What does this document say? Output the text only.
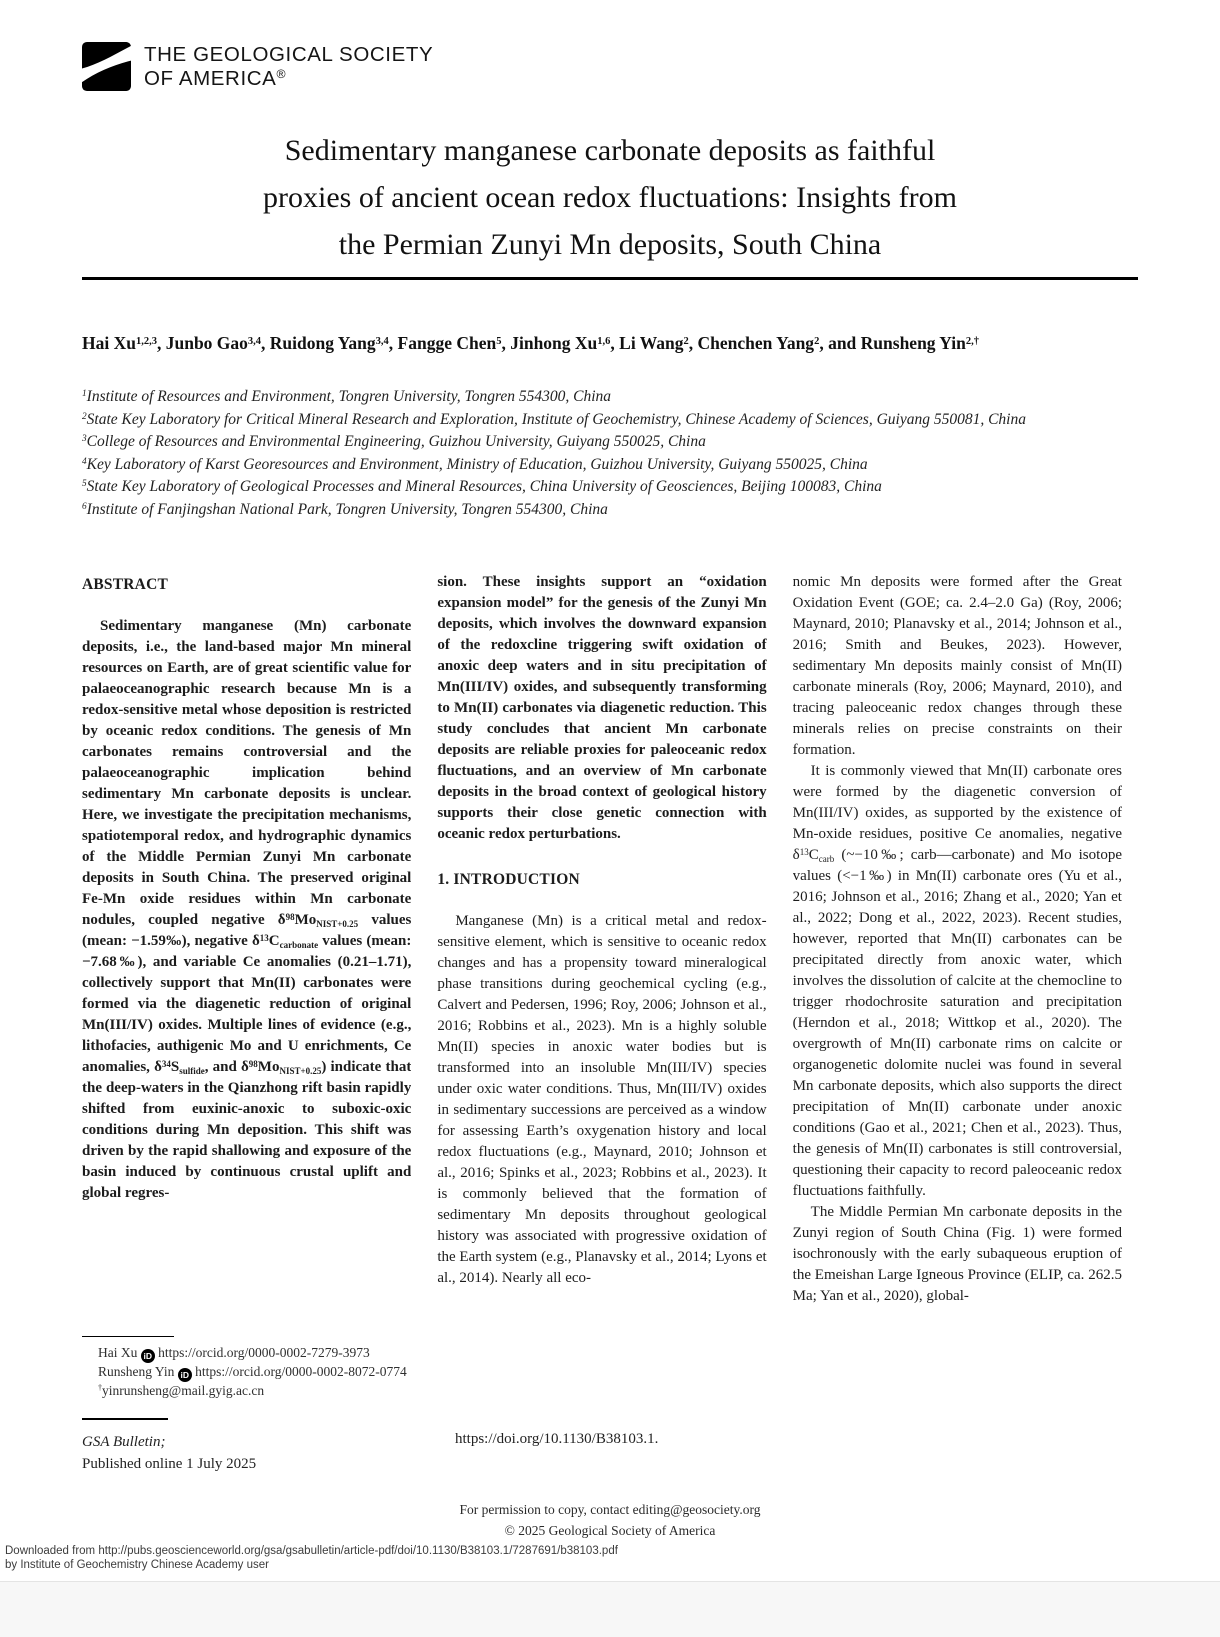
THE GEOLOGICAL SOCIETY
OF AMERICA®
Sedimentary manganese carbonate deposits as faithful
proxies of ancient ocean redox fluctuations: Insights from
the Permian Zunyi Mn deposits, South China

Hai Xu$^{1,2,3}$, Junbo Gao$^{3,4}$, Ruidong Yang$^{3,4}$, Fangge Chen$^5$, Jinhong Xu$^{1,6}$, Li Wang$^2$, Chenchen Yang$^2$, and Runsheng Yin$^{2,\dagger}$

$^1$Institute of Resources and Environment, Tongren University, Tongren 554300, China
$^2$State Key Laboratory for Critical Mineral Research and Exploration, Institute of Geochemistry, Chinese Academy of Sciences, Guiyang 550081, China
$^3$College of Resources and Environmental Engineering, Guizhou University, Guiyang 550025, China
$^4$Key Laboratory of Karst Georesources and Environment, Ministry of Education, Guizhou University, Guiyang 550025, China
$^5$State Key Laboratory of Geological Processes and Mineral Resources, China University of Geosciences, Beijing 100083, China
$^6$Institute of Fanjingshan National Park, Tongren University, Tongren 554300, China
ABSTRACT

Sedimentary manganese (Mn) carbonate deposits, i.e., the land-based major Mn mineral resources on Earth, are of great scientific value for palaeoceanographic research because Mn is a redox-sensitive metal whose deposition is restricted by oceanic redox conditions. The genesis of Mn carbonates remains controversial and the palaeoceanographic implication behind sedimentary Mn carbonate deposits is unclear. Here, we investigate the precipitation mechanisms, spatiotemporal redox, and hydrographic dynamics of the Middle Permian Zunyi Mn carbonate deposits in South China. The preserved original Fe-Mn oxide residues within Mn carbonate nodules, coupled negative $\delta^{98}Mo_{NIST+0.25}$ values (mean: −1.59‰), negative $\delta^{13}C_{carbonate}$ values (mean: −7.68‰), and variable Ce anomalies (0.21–1.71), collectively support that Mn(II) carbonates were formed via the diagenetic reduction of original Mn(III/IV) oxides. Multiple lines of evidence (e.g., lithofacies, authigenic Mo and U enrichments, Ce anomalies, $\delta^{34}S_{sulfide}$, and $\delta^{98}Mo_{NIST+0.25}$) indicate that the deep-waters in the Qianzhong rift basin rapidly shifted from euxinic-anoxic to suboxic-oxic conditions during Mn deposition. This shift was driven by the rapid shallowing and exposure of the basin induced by continuous crustal uplift and global regres-

Hai Xu iD https://orcid.org/0000-0002-7279-3973
Runsheng Yin iD https://orcid.org/0000-0002-8072-0774
†yinrunsheng@mail.gyig.ac.cn

sion. These insights support an “oxidation expansion model” for the genesis of the Zunyi Mn deposits, which involves the downward expansion of the redoxcline triggering swift oxidation of anoxic deep waters and in situ precipitation of Mn(III/IV) oxides, and subsequently transforming to Mn(II) carbonates via diagenetic reduction. This study concludes that ancient Mn carbonate deposits are reliable proxies for paleoceanic redox fluctuations, and an overview of Mn carbonate deposits in the broad context of geological history supports their close genetic connection with oceanic redox perturbations.

1. INTRODUCTION

Manganese (Mn) is a critical metal and redox-sensitive element, which is sensitive to oceanic redox changes and has a propensity toward mineralogical phase transitions during geochemical cycling (e.g., Calvert and Pedersen, 1996; Roy, 2006; Johnson et al., 2016; Robbins et al., 2023). Mn is a highly soluble Mn(II) species in anoxic water bodies but is transformed into an insoluble Mn(III/IV) species under oxic water conditions. Thus, Mn(III/IV) oxides in sedimentary successions are perceived as a window for assessing Earth’s oxygenation history and local redox fluctuations (e.g., Maynard, 2010; Johnson et al., 2016; Spinks et al., 2023; Robbins et al., 2023). It is commonly believed that the formation of sedimentary Mn deposits throughout geological history was associated with progressive oxidation of the Earth system (e.g., Planavsky et al., 2014; Lyons et al., 2014). Nearly all eco-

nomic Mn deposits were formed after the Great Oxidation Event (GOE; ca. 2.4–2.0 Ga) (Roy, 2006; Maynard, 2010; Planavsky et al., 2014; Johnson et al., 2016; Smith and Beukes, 2023). However, sedimentary Mn deposits mainly consist of Mn(II) carbonate minerals (Roy, 2006; Maynard, 2010), and tracing paleoceanic redox changes through these minerals relies on precise constraints on their formation.

It is commonly viewed that Mn(II) carbonate ores were formed by the diagenetic conversion of Mn(III/IV) oxides, as supported by the existence of Mn-oxide residues, positive Ce anomalies, negative $\delta^{13}C_{carb}$ (~−10‰; carb—carbonate) and Mo isotope values (<−1‰) in Mn(II) carbonate ores (Yu et al., 2016; Johnson et al., 2016; Zhang et al., 2020; Yan et al., 2022; Dong et al., 2022, 2023). Recent studies, however, reported that Mn(II) carbonates can be precipitated directly from anoxic water, which involves the dissolution of calcite at the chemocline to trigger rhodochrosite saturation and precipitation (Herndon et al., 2018; Wittkop et al., 2020). The overgrowth of Mn(II) carbonate rims on calcite or organogenetic dolomite nuclei was found in several Mn carbonate deposits, which also supports the direct precipitation of Mn(II) carbonate under anoxic conditions (Gao et al., 2021; Chen et al., 2023). Thus, the genesis of Mn(II) carbonates is still controversial, questioning their capacity to record paleoceanic redox fluctuations faithfully.

The Middle Permian Mn carbonate deposits in the Zunyi region of South China (Fig. 1) were formed isochronously with the early subaqueous eruption of the Emeishan Large Igneous Province (ELIP, ca. 262.5 Ma; Yan et al., 2020), global-

GSA Bulletin;
Published online 1 July 2025
https://doi.org/10.1130/B38103.1.
For permission to copy, contact editing@geosociety.org
© 2025 Geological Society of America
Downloaded from http://pubs.geoscienceworld.org/gsa/gsabulletin/article-pdf/doi/10.1130/B38103.1/7287691/b38103.pdf
by Institute of Geochemistry Chinese Academy user
